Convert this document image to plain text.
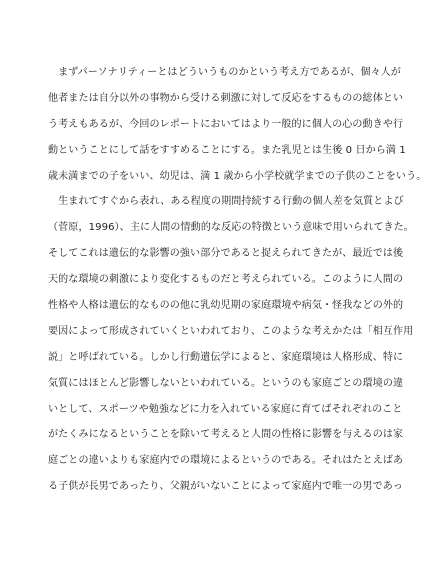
　まずパーソナリティーとはどういうものかという考え方であるが、個々人が
他者または自分以外の事物から受ける刺激に対して反応をするものの総体とい
う考えもあるが、今回のレポートにおいてはより一般的に個人の心の動きや行
動ということにして話をすすめることにする。また乳児とは生後 0 日から満 1
歳未満までの子をいい、幼児は、満 1 歳から小学校就学までの子供のことをいう。
　生まれてすぐから表れ、ある程度の期間持続する行動の個人差を気質とよび
（菅原，1996）、主に人間の情動的な反応の特徴という意味で用いられてきた。
そしてこれは遺伝的な影響の強い部分であると捉えられてきたが、最近では後
天的な環境の刺激により変化するものだと考えられている。このように人間の
性格や人格は遺伝的なものの他に乳幼児期の家庭環境や病気・怪我などの外的
要因によって形成されていくといわれており、このような考えかたは「相互作用
説」と呼ばれている。しかし行動遺伝学によると、家庭環境は人格形成、特に
気質にはほとんど影響しないといわれている。というのも家庭ごとの環境の違
いとして、スポーツや勉強などに力を入れている家庭に育てばそれぞれのこと
がたくみになるということを除いて考えると人間の性格に影響を与えるのは家
庭ごとの違いよりも家庭内での環境によるというのである。それはたとえばあ
る子供が長男であったり、父親がいないことによって家庭内で唯一の男であっ
